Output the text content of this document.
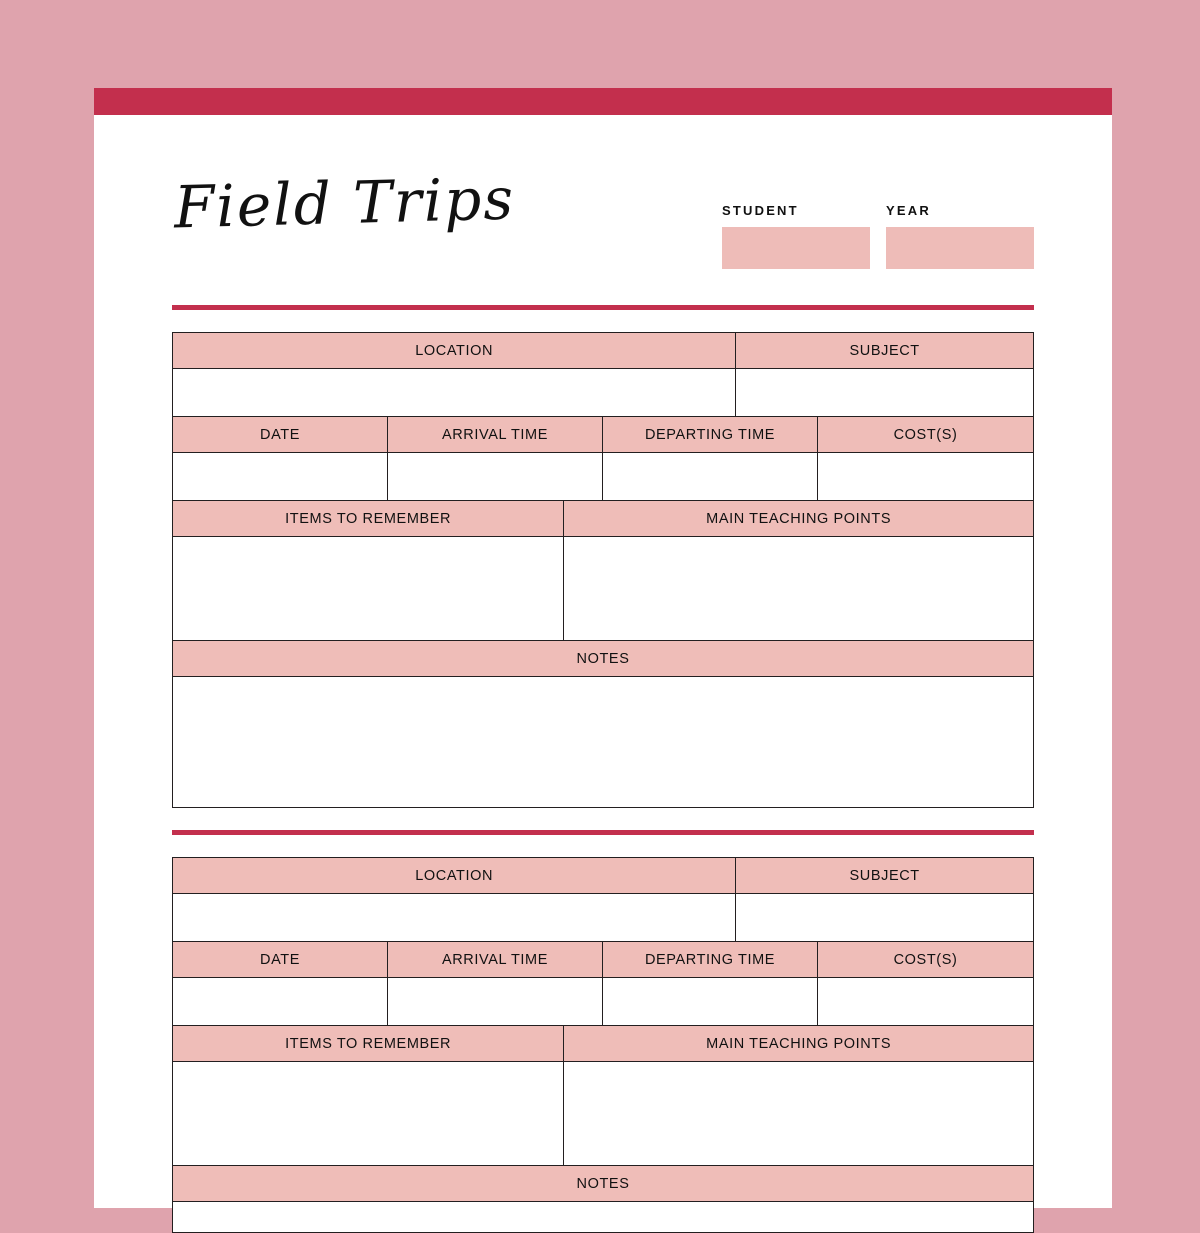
Field Trips	STUDENT	YEAR
LOCATION	SUBJECT
DATE	ARRIVAL TIME	DEPARTING TIME	COST(S)
ITEMS TO REMEMBER	MAIN TEACHING POINTS
NOTES
LOCATION	SUBJECT
DATE	ARRIVAL TIME	DEPARTING TIME	COST(S)
ITEMS TO REMEMBER	MAIN TEACHING POINTS
NOTES
